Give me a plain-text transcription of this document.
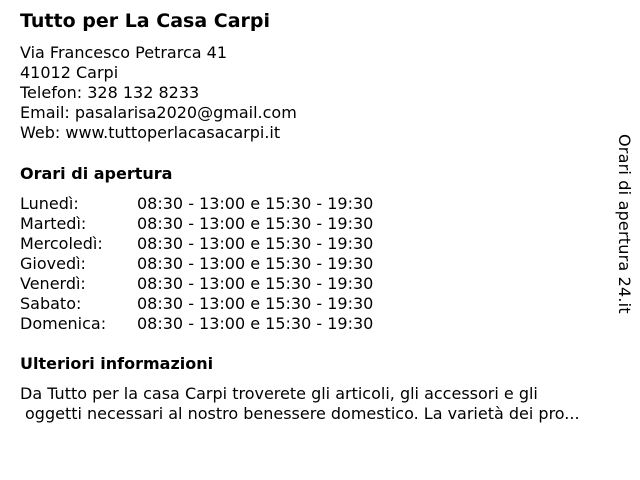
Tutto per La Casa Carpi
Via Francesco Petrarca 41
41012 Carpi
Telefon: 328 132 8233
Email: pasalarisa2020@gmail.com
Web: www.tuttoperlacasacarpi.it
Orari di apertura
Lunedì:	08:30 - 13:00 e 15:30 - 19:30
Martedì:	08:30 - 13:00 e 15:30 - 19:30
Mercoledì:	08:30 - 13:00 e 15:30 - 19:30
Giovedì:	08:30 - 13:00 e 15:30 - 19:30
Venerdì:	08:30 - 13:00 e 15:30 - 19:30
Sabato:	08:30 - 13:00 e 15:30 - 19:30
Domenica:	08:30 - 13:00 e 15:30 - 19:30
Ulteriori informazioni
Da Tutto per la casa Carpi troverete gli articoli, gli accessori e gli
oggetti necessari al nostro benessere domestico. La varietà dei pro...
Orari di apertura 24.it
